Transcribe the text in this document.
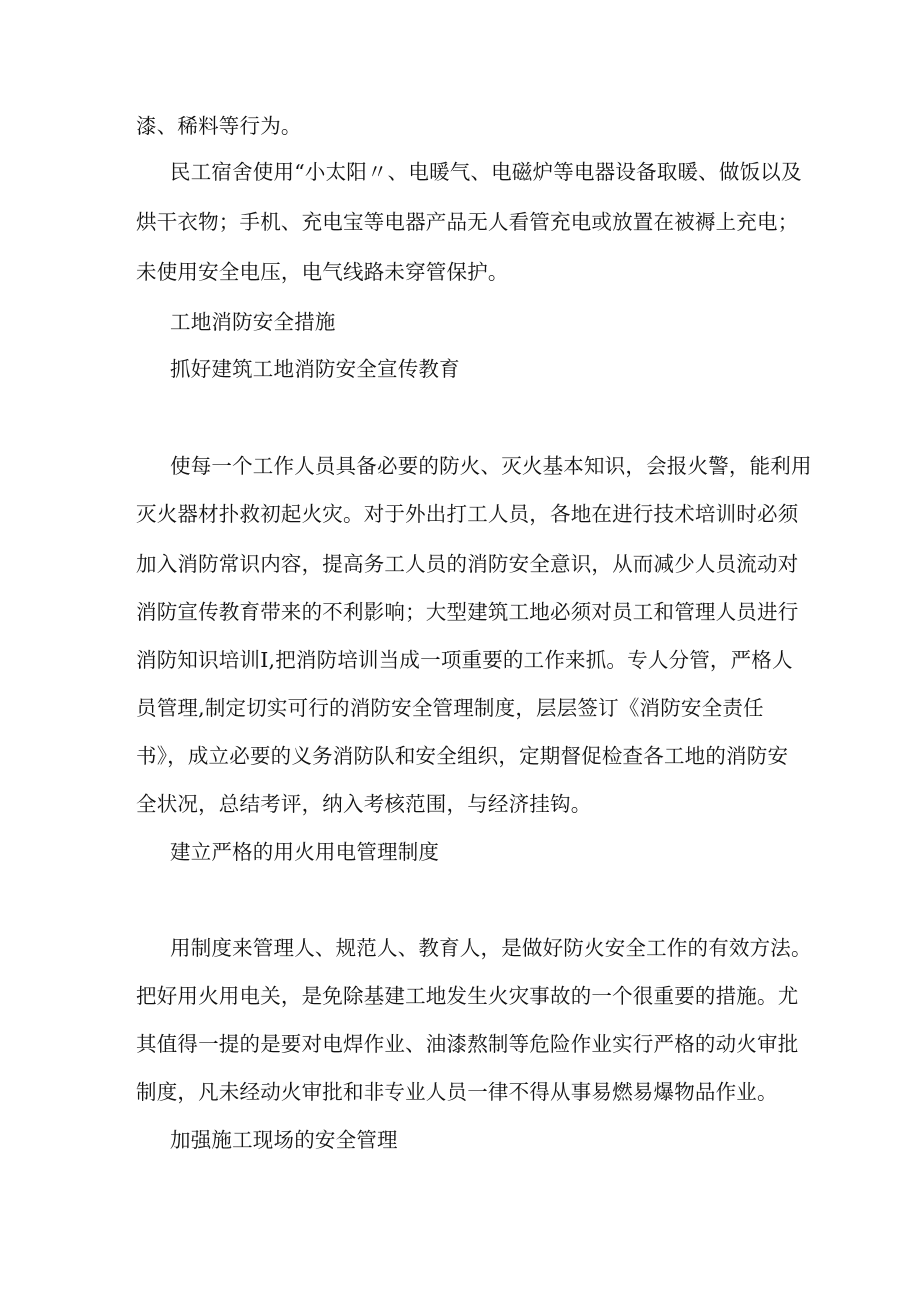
漆、稀料等行为。
民工宿舍使用“小太阳〃、电暖气、电磁炉等电器设备取暖、做饭以及
烘干衣物；手机、充电宝等电器产品无人看管充电或放置在被褥上充电；
未使用安全电压，电气线路未穿管保护。
工地消防安全措施
抓好建筑工地消防安全宣传教育
使每一个工作人员具备必要的防火、灭火基本知识，会报火警，能利用
灭火器材扑救初起火灾。对于外出打工人员，各地在进行技术培训时必须
加入消防常识内容，提高务工人员的消防安全意识，从而减少人员流动对
消防宣传教育带来的不利影响；大型建筑工地必须对员工和管理人员进行
消防知识培训Ⅰ,把消防培训当成一项重要的工作来抓。专人分管，严格人
员管理,制定切实可行的消防安全管理制度，层层签订《消防安全责任
书》，成立必要的义务消防队和安全组织，定期督促检查各工地的消防安
全状况，总结考评，纳入考核范围，与经济挂钩。
建立严格的用火用电管理制度
用制度来管理人、规范人、教育人，是做好防火安全工作的有效方法。
把好用火用电关，是免除基建工地发生火灾事故的一个很重要的措施。尤
其值得一提的是要对电焊作业、油漆熬制等危险作业实行严格的动火审批
制度，凡未经动火审批和非专业人员一律不得从事易燃易爆物品作业。
加强施工现场的安全管理
